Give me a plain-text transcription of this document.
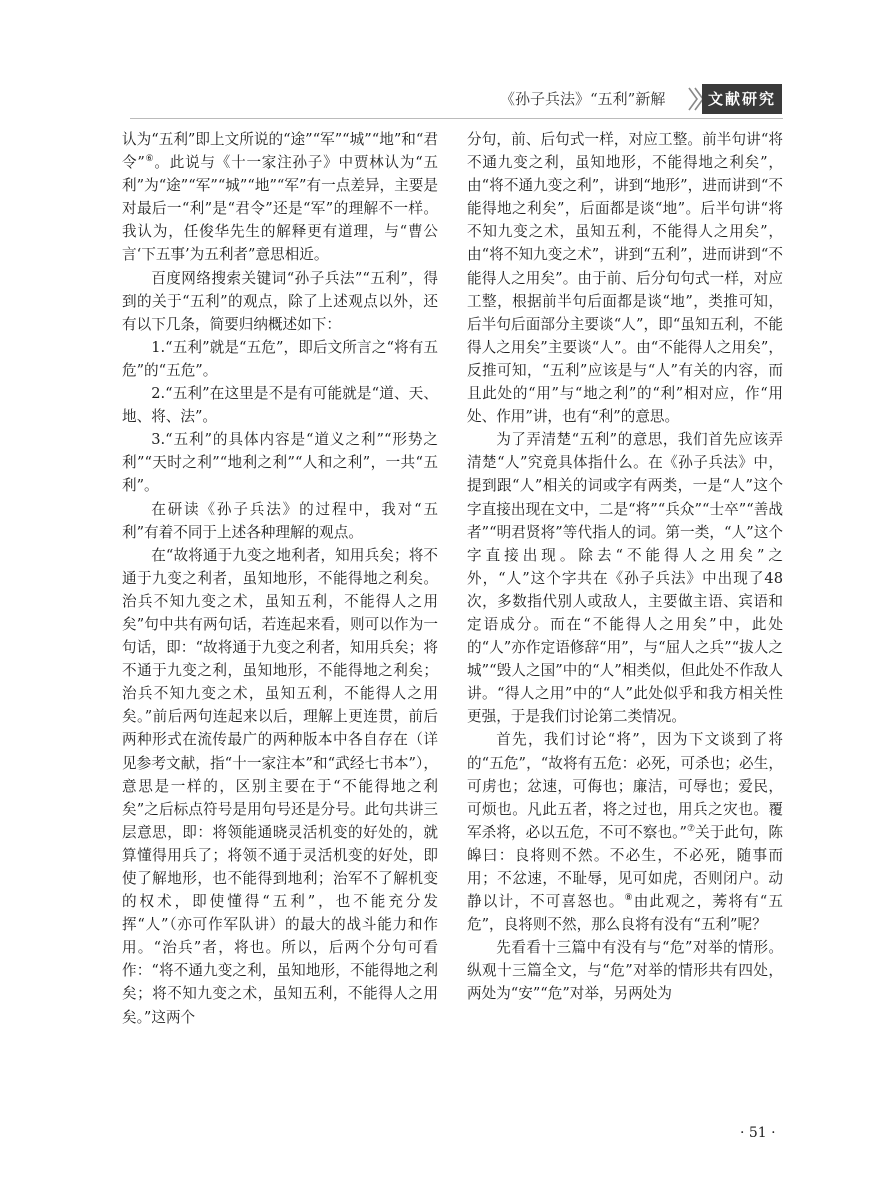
《孙子兵法》“五利”新解	文献研究

认为“五利”即上文所说的“途”“军”“城”“地”和“君令”⑥。此说与《十一家注孙子》中贾林认为“五利”为“途”“军”“城”“地”“军”有一点差异，主要是对最后一“利”是“君令”还是“军”的理解不一样。我认为，任俊华先生的解释更有道理，与“曹公言‘下五事’为五利者”意思相近。

百度网络搜索关键词“孙子兵法”“五利”，得到的关于“五利”的观点，除了上述观点以外，还有以下几条，简要归纳概述如下：

1.“五利”就是“五危”，即后文所言之“将有五危”的“五危”。

2.“五利”在这里是不是有可能就是“道、天、地、将、法”。

3.“五利”的具体内容是“道义之利”“形势之利”“天时之利”“地利之利”“人和之利”，一共“五利”。

在研读《孙子兵法》的过程中，我对“五利”有着不同于上述各种理解的观点。

在“故将通于九变之地利者，知用兵矣；将不通于九变之利者，虽知地形，不能得地之利矣。治兵不知九变之术，虽知五利，不能得人之用矣”句中共有两句话，若连起来看，则可以作为一句话，即：“故将通于九变之利者，知用兵矣；将不通于九变之利，虽知地形，不能得地之利矣；治兵不知九变之术，虽知五利，不能得人之用矣。”前后两句连起来以后，理解上更连贯，前后两种形式在流传最广的两种版本中各自存在（详见参考文献，指“十一家注本”和“武经七书本”），意思是一样的，区别主要在于“不能得地之利矣”之后标点符号是用句号还是分号。此句共讲三层意思，即：将领能通晓灵活机变的好处的，就算懂得用兵了；将领不通于灵活机变的好处，即使了解地形，也不能得到地利；治军不了解机变的权术，即使懂得“五利”，也不能充分发挥“人”（亦可作军队讲）的最大的战斗能力和作用。“治兵”者，将也。所以，后两个分句可看作：“将不通九变之利，虽知地形，不能得地之利矣；将不知九变之术，虽知五利，不能得人之用矣。”这两个

分句，前、后句式一样，对应工整。前半句讲“将不通九变之利，虽知地形，不能得地之利矣”，由“将不通九变之利”，讲到“地形”，进而讲到“不能得地之利矣”，后面都是谈“地”。后半句讲“将不知九变之术，虽知五利，不能得人之用矣”，由“将不知九变之术”，讲到“五利”，进而讲到“不能得人之用矣”。由于前、后分句句式一样，对应工整，根据前半句后面都是谈“地”，类推可知，后半句后面部分主要谈“人”，即“虽知五利，不能得人之用矣”主要谈“人”。由“不能得人之用矣”，反推可知，“五利”应该是与“人”有关的内容，而且此处的“用”与“地之利”的“利”相对应，作“用处、作用”讲，也有“利”的意思。

为了弄清楚“五利”的意思，我们首先应该弄清楚“人”究竟具体指什么。在《孙子兵法》中，提到跟“人”相关的词或字有两类，一是“人”这个字直接出现在文中，二是“将”“兵众”“士卒”“善战者”“明君贤将”等代指人的词。第一类，“人”这个字直接出现。除去“不能得人之用矣”之外，“人”这个字共在《孙子兵法》中出现了48次，多数指代别人或敌人，主要做主语、宾语和定语成分。而在“不能得人之用矣”中，此处的“人”亦作定语修辞“用”，与“屈人之兵”“拔人之城”“毁人之国”中的“人”相类似，但此处不作敌人讲。“得人之用”中的“人”此处似乎和我方相关性更强，于是我们讨论第二类情况。

首先，我们讨论“将”，因为下文谈到了将的“五危”，“故将有五危：必死，可杀也；必生，可虏也；忿速，可侮也；廉洁，可辱也；爱民，可烦也。凡此五者，将之过也，用兵之灾也。覆军杀将，必以五危，不可不察也。”⑦关于此句，陈皞曰：良将则不然。不必生，不必死，随事而用；不忿速，不耻辱，见可如虎，否则闭户。动静以计，不可喜怒也。⑧由此观之，莠将有“五危”，良将则不然，那么良将有没有“五利”呢？

先看看十三篇中有没有与“危”对举的情形。纵观十三篇全文，与“危”对举的情形共有四处，两处为“安”“危”对举，另两处为

· 51 ·
